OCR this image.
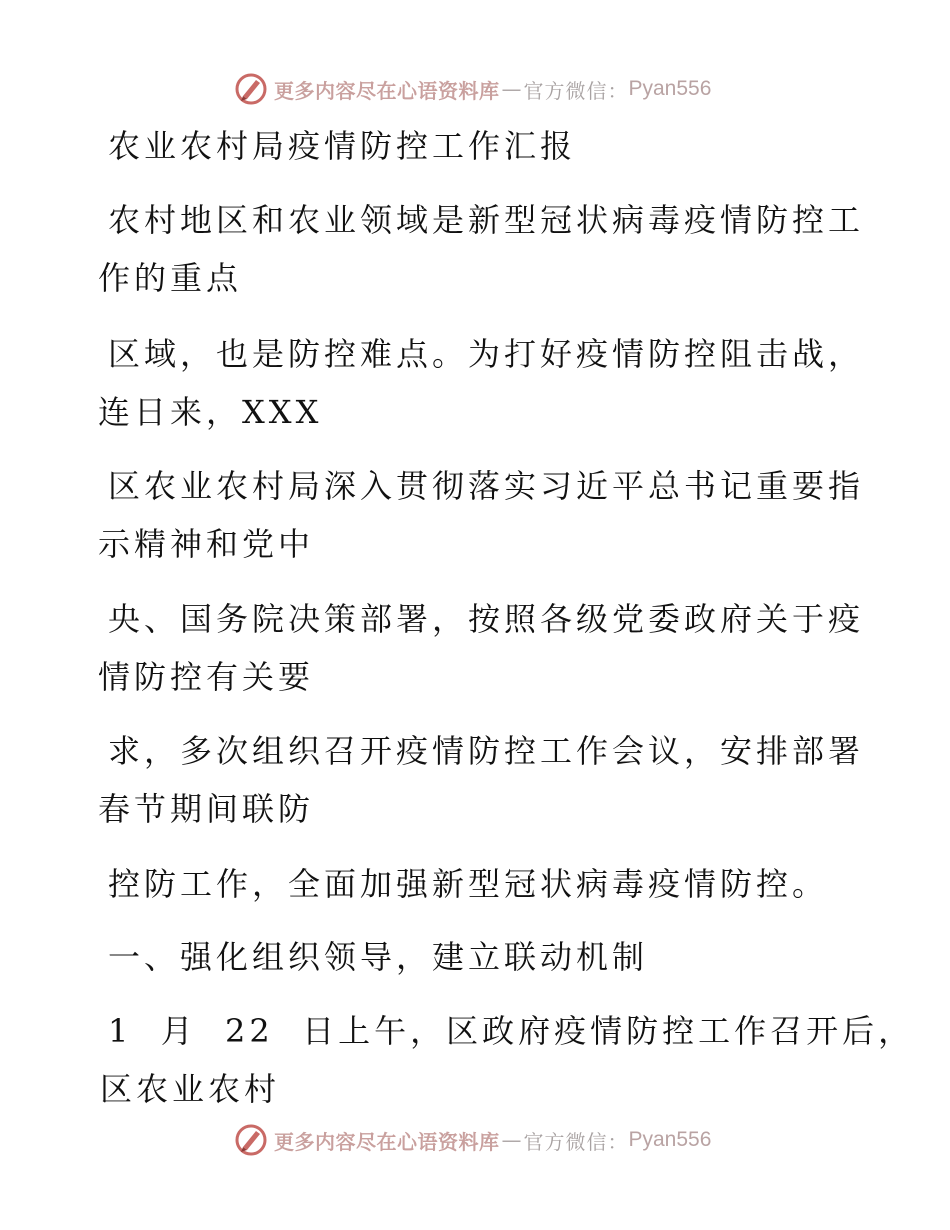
更多内容尽在心语资料库 — 官方微信： Pyan556
农业农村局疫情防控工作汇报
农村地区和农业领域是新型冠状病毒疫情防控工
作的重点
区域，也是防控难点。为打好疫情防控阻击战，
连日来，XXX
区农业农村局深入贯彻落实习近平总书记重要指
示精神和党中
央、国务院决策部署，按照各级党委政府关于疫
情防控有关要
求，多次组织召开疫情防控工作会议，安排部署
春节期间联防
控防工作，全面加强新型冠状病毒疫情防控。
一、强化组织领导，建立联动机制
1  月  22  日上午，区政府疫情防控工作召开后，
区农业农村
更多内容尽在心语资料库 — 官方微信： Pyan556
